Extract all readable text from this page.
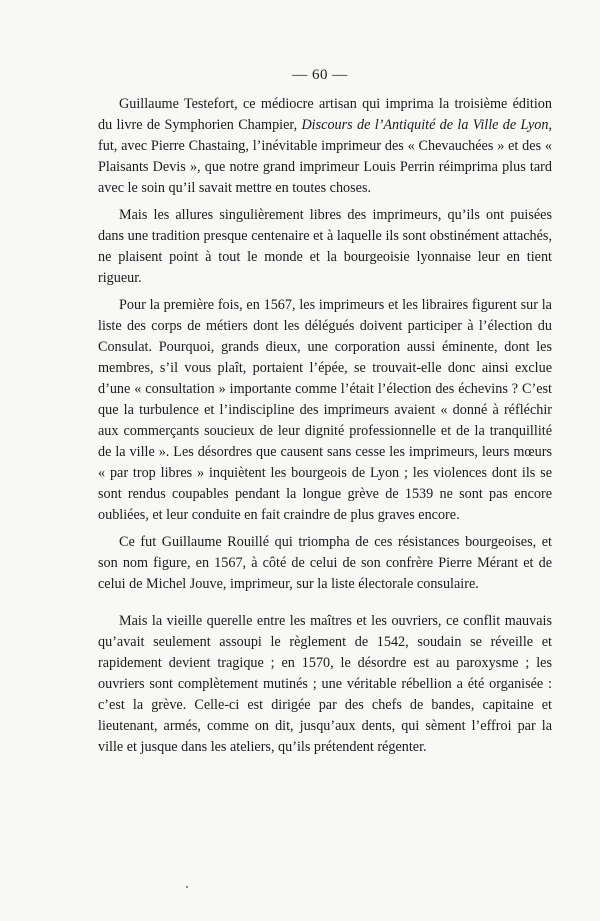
— 60 —

Guillaume Testefort, ce médiocre artisan qui imprima la troisième édition du livre de Symphorien Champier, Discours de l’Antiquité de la Ville de Lyon, fut, avec Pierre Chastaing, l’inévitable imprimeur des « Chevauchées » et des « Plaisants Devis », que notre grand imprimeur Louis Perrin réimprima plus tard avec le soin qu’il savait mettre en toutes choses.

Mais les allures singulièrement libres des imprimeurs, qu’ils ont puisées dans une tradition presque centenaire et à laquelle ils sont obstinément attachés, ne plaisent point à tout le monde et la bourgeoisie lyonnaise leur en tient rigueur.

Pour la première fois, en 1567, les imprimeurs et les libraires figurent sur la liste des corps de métiers dont les délégués doivent participer à l’élection du Consulat. Pourquoi, grands dieux, une corporation aussi éminente, dont les membres, s’il vous plaît, portaient l’épée, se trouvait-elle donc ainsi exclue d’une « consultation » importante comme l’était l’élection des échevins ? C’est que la turbulence et l’indiscipline des imprimeurs avaient « donné à réfléchir aux commerçants soucieux de leur dignité professionnelle et de la tranquillité de la ville ». Les désordres que causent sans cesse les imprimeurs, leurs mœurs « par trop libres » inquiètent les bourgeois de Lyon ; les violences dont ils se sont rendus coupables pendant la longue grève de 1539 ne sont pas encore oubliées, et leur conduite en fait craindre de plus graves encore.

Ce fut Guillaume Rouillé qui triompha de ces résistances bourgeoises, et son nom figure, en 1567, à côté de celui de son confrère Pierre Mérant et de celui de Michel Jouve, imprimeur, sur la liste électorale consulaire.

Mais la vieille querelle entre les maîtres et les ouvriers, ce conflit mauvais qu’avait seulement assoupi le règlement de 1542, soudain se réveille et rapidement devient tragique ; en 1570, le désordre est au paroxysme ; les ouvriers sont complètement mutinés ; une véritable rébellion a été organisée : c’est la grève. Celle-ci est dirigée par des chefs de bandes, capitaine et lieutenant, armés, comme on dit, jusqu’aux dents, qui sèment l’effroi par la ville et jusque dans les ateliers, qu’ils prétendent régenter.
